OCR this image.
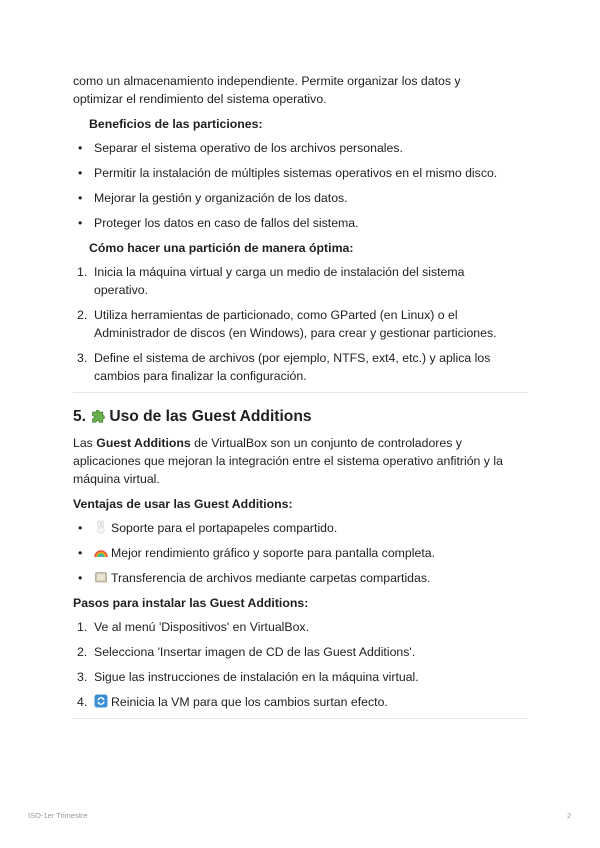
como un almacenamiento independiente. Permite organizar los datos y
optimizar el rendimiento del sistema operativo.

Beneficios de las particiones:
• Separar el sistema operativo de los archivos personales.
• Permitir la instalación de múltiples sistemas operativos en el mismo disco.
• Mejorar la gestión y organización de los datos.
• Proteger los datos en caso de fallos del sistema.
Cómo hacer una partición de manera óptima:
1. Inicia la máquina virtual y carga un medio de instalación del sistema
operativo.
2. Utiliza herramientas de particionado, como GParted (en Linux) o el
Administrador de discos (en Windows), para crear y gestionar particiones.
3. Define el sistema de archivos (por ejemplo, NTFS, ext4, etc.) y aplica los
cambios para finalizar la configuración.
5. Uso de las Guest Additions

Las Guest Additions de VirtualBox son un conjunto de controladores y
aplicaciones que mejoran la integración entre el sistema operativo anfitrión y la
máquina virtual.

Ventajas de usar las Guest Additions:
• Soporte para el portapapeles compartido.
• Mejor rendimiento gráfico y soporte para pantalla completa.
• Transferencia de archivos mediante carpetas compartidas.
Pasos para instalar las Guest Additions:
1. Ve al menú 'Dispositivos' en VirtualBox.
2. Selecciona 'Insertar imagen de CD de las Guest Additions'.
3. Sigue las instrucciones de instalación en la máquina virtual.
4. Reinicia la VM para que los cambios surtan efecto.
ISO-1er Trimestre	2
